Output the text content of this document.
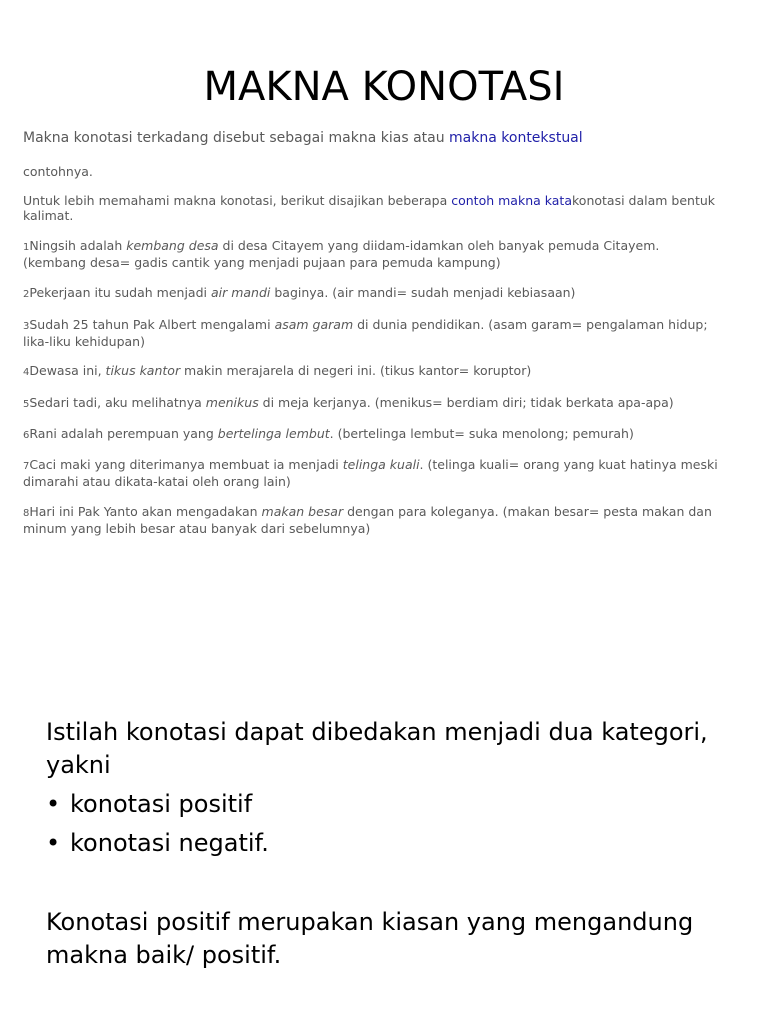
MAKNA KONOTASI
Makna konotasi terkadang disebut sebagai makna kias atau makna kontekstual
contohnya.
Untuk lebih memahami makna konotasi, berikut disajikan beberapa contoh makna katakonotasi dalam bentuk kalimat.
1Ningsih adalah kembang desa di desa Citayem yang diidam-idamkan oleh banyak pemuda Citayem. (kembang desa= gadis cantik yang menjadi pujaan para pemuda kampung)
2Pekerjaan itu sudah menjadi air mandi baginya. (air mandi= sudah menjadi kebiasaan)
3Sudah 25 tahun Pak Albert mengalami asam garam di dunia pendidikan. (asam garam= pengalaman hidup; lika-liku kehidupan)
4Dewasa ini, tikus kantor makin merajarela di negeri ini. (tikus kantor= koruptor)
5Sedari tadi, aku melihatnya menikus di meja kerjanya. (menikus= berdiam diri; tidak berkata apa-apa)
6Rani adalah perempuan yang bertelinga lembut. (bertelinga lembut= suka menolong; pemurah)
7Caci maki yang diterimanya membuat ia menjadi telinga kuali. (telinga kuali= orang yang kuat hatinya meski dimarahi atau dikata-katai oleh orang lain)
8Hari ini Pak Yanto akan mengadakan makan besar dengan para koleganya. (makan besar= pesta makan dan minum yang lebih besar atau banyak dari sebelumnya)
Istilah konotasi dapat dibedakan menjadi dua kategori, yakni
• konotasi positif
• konotasi negatif.
Konotasi positif merupakan kiasan yang mengandung makna baik/ positif.
